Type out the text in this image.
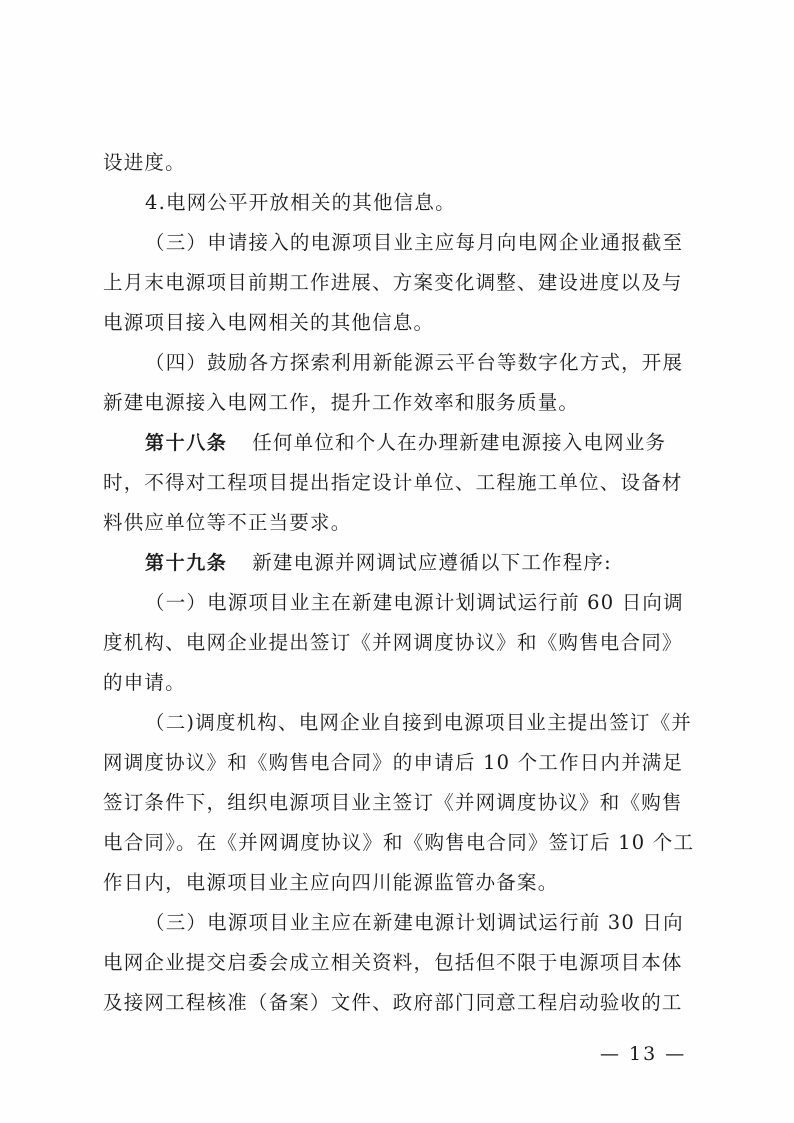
设进度。
4.电网公平开放相关的其他信息。
（三）申请接入的电源项目业主应每月向电网企业通报截至
上月末电源项目前期工作进展、方案变化调整、建设进度以及与
电源项目接入电网相关的其他信息。
（四）鼓励各方探索利用新能源云平台等数字化方式，开展
新建电源接入电网工作，提升工作效率和服务质量。
第十八条 任何单位和个人在办理新建电源接入电网业务
时，不得对工程项目提出指定设计单位、工程施工单位、设备材
料供应单位等不正当要求。
第十九条 新建电源并网调试应遵循以下工作程序:
（一）电源项目业主在新建电源计划调试运行前 60 日向调
度机构、电网企业提出签订《并网调度协议》和《购售电合同》
的申请。
（二)调度机构、电网企业自接到电源项目业主提出签订《并
网调度协议》和《购售电合同》的申请后 10 个工作日内并满足
签订条件下，组织电源项目业主签订《并网调度协议》和《购售
电合同》。在《并网调度协议》和《购售电合同》签订后 10 个工
作日内，电源项目业主应向四川能源监管办备案。
（三）电源项目业主应在新建电源计划调试运行前 30 日向
电网企业提交启委会成立相关资料，包括但不限于电源项目本体
及接网工程核准（备案）文件、政府部门同意工程启动验收的工
— 13 —
